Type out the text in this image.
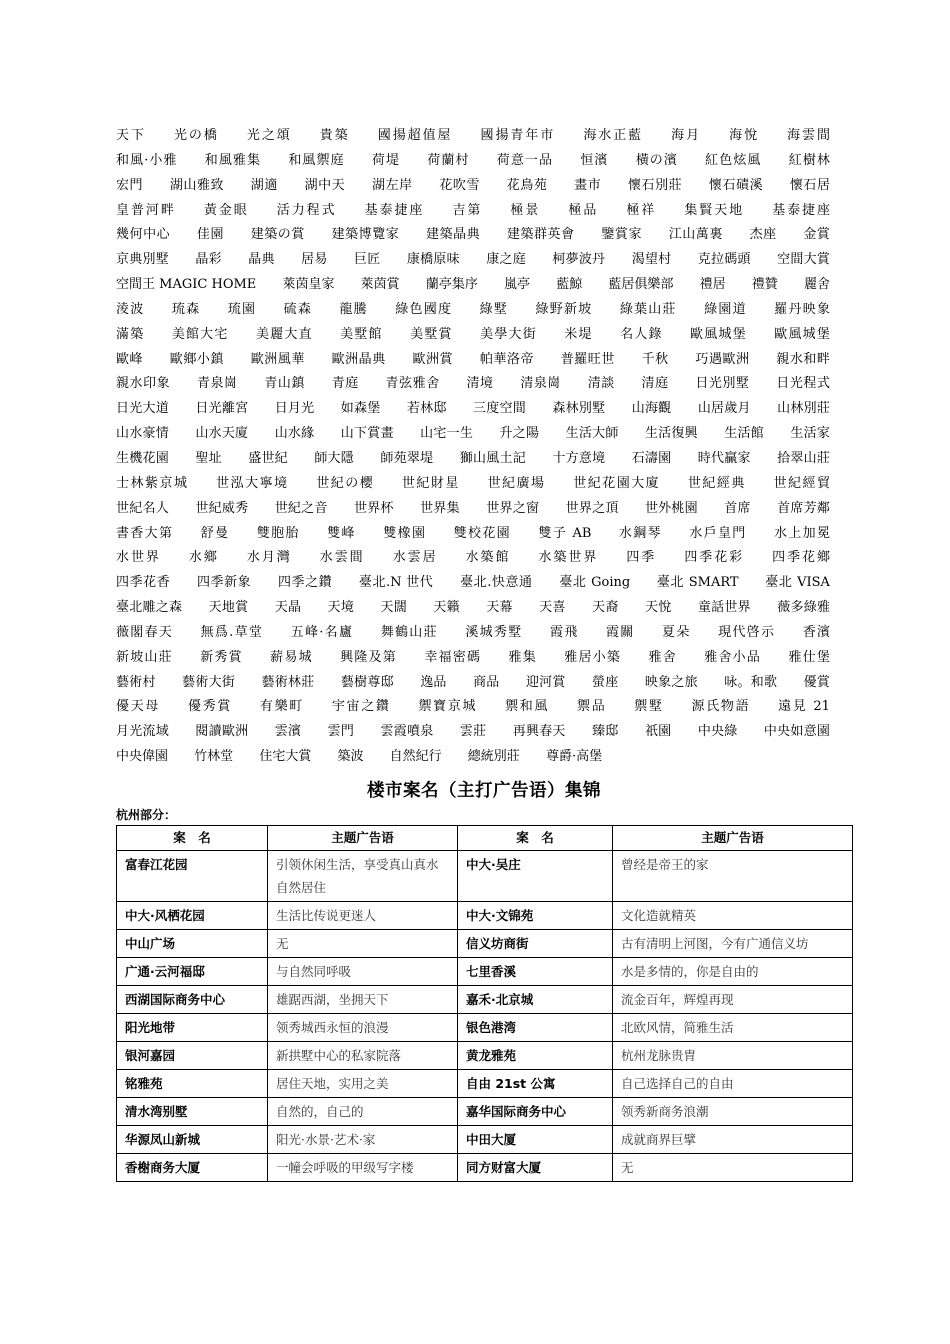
天下 光の橋 光之頌 貴築 國揚超值屋 國揚青年市 海水正藍 海月 海悅 海雲間 和風·小雅 和風雅集 和風禦庭 荷堤 荷蘭村 荷意一品 恒濱 橫の濱 紅色炫風 紅樹林 宏門 湖山雅致 湖適 湖中天 湖左岸 花吹雪 花鳥苑 畫市 懷石別莊 懷石磧溪 懷石居 皇普河畔 黃金眼 活力程式 基泰捷座 吉第 極景 極品 極祥 集賢天地 基泰捷座 幾何中心 佳園 建築の賞 建築博覽家 建築晶典 建築群英會 鑒賞家 江山萬裏 杰座 金賞 京典別墅 晶彩 晶典 居易 巨匠 康橋原味 康之庭 柯夢波丹 渴望村 克拉碼頭 空間大賞 空間王 MAGIC HOME 萊茵皇家 萊茵賞 蘭亭集序 嵐亭 藍鯨 藍居俱樂部 禮居 禮贊 麗舍 淩波 琉森 琉園 硫森 龍騰 綠色國度 綠墅 綠野新坡 綠葉山莊 綠園道 羅丹映象 滿築 美館大宅 美麗大直 美墅館 美墅賞 美學大街 米堤 名人錄 歐風城堡 歐風城堡 歐峰 歐鄉小鎮 歐洲風華 歐洲晶典 歐洲賞 帕華洛帝 普羅旺世 千秋 巧遇歐洲 親水和畔 親水印象 青泉崗 青山鎮 青庭 青弦雅舍 清境 清泉崗 清談 清庭 日光別墅 日光程式 日光大道 日光離宮 日月光 如森堡 若林邸 三度空間 森林別墅 山海觀 山居歲月 山林別莊 山水豪情 山水天廈 山水緣 山下賞畫 山宅一生 升之陽 生活大師 生活復興 生活館 生活家 生機花園 聖址 盛世紀 師大隱 師苑翠堤 獅山風土記 十方意境 石濤園 時代贏家 拾翠山莊 士林紫京城 世泓大寧境 世紀の櫻 世紀財星 世紀廣場 世紀花園大廈 世紀經典 世紀經貿 世紀名人 世紀威秀 世紀之音 世界杯 世界集 世界之窗 世界之頂 世外桃園 首席 首席芳鄰 書香大第 舒曼 雙胞胎 雙峰 雙橡園 雙校花園 雙子 AB 水鋼琴 水戶皇門 水上加冕 水世界 水鄉 水月灣 水雲間 水雲居 水築館 水築世界 四季 四季花彩 四季花鄉 四季花香 四季新象 四季之鑽 臺北.N 世代 臺北.快意通 臺北 Going 臺北 SMART 臺北 VISA 臺北雕之森 天地賞 天晶 天境 天闊 天籟 天幕 天喜 天裔 天悅 童話世界 薇多綠雅 薇閣春天 無爲.草堂 五峰·名廬 舞鶴山莊 溪城秀墅 霞飛 霞關 夏朵 現代啓示 香濱 新坡山莊 新秀賞 薪易城 興隆及第 幸福密碼 雅集 雅居小築 雅舍 雅舍小品 雅仕堡 藝術村 藝術大街 藝術林莊 藝樹尊邸 逸品 商品 迎河賞 螢座 映象之旅 咏。和歌 優賞 優天母 優秀賞 有樂町 宇宙之鑽 禦寶京城 禦和風 禦品 禦墅 源氏物語 遠見 21 月光流域 閱讀歐洲 雲濱 雲門 雲霞噴泉 雲莊 再興春天 臻邸 祇園 中央綠 中央如意園 中央偉園 竹林堂 住宅大賞 築波 自然紀行 總統別莊 尊爵·高堡

楼市案名（主打广告语）集锦
杭州部分：
案　名	主题广告语	案　名	主题广告语
富春江花园	引领休闲生活，享受真山真水自然居住	中大·吴庄	曾经是帝王的家
中大·风栖花园	生活比传说更迷人	中大·文锦苑	文化造就精英
中山广场	无	信义坊商街	古有清明上河图，今有广通信义坊
广通·云河福邸	与自然同呼吸	七里香溪	水是多情的，你是自由的
西湖国际商务中心	雄踞西湖，坐拥天下	嘉禾·北京城	流金百年，辉煌再现
阳光地带	领秀城西永恒的浪漫	银色港湾	北欧风情，简雅生活
银河嘉园	新拱墅中心的私家院落	黄龙雅苑	杭州龙脉贵胄
铭雅苑	居住天地，实用之美	自由 21st 公寓	自己选择自己的自由
清水湾别墅	自然的，自己的	嘉华国际商务中心	领秀新商务浪潮
华源凤山新城	阳光·水景·艺术·家	中田大厦	成就商界巨擘
香榭商务大厦	一幢会呼吸的甲级写字楼	同方财富大厦	无
